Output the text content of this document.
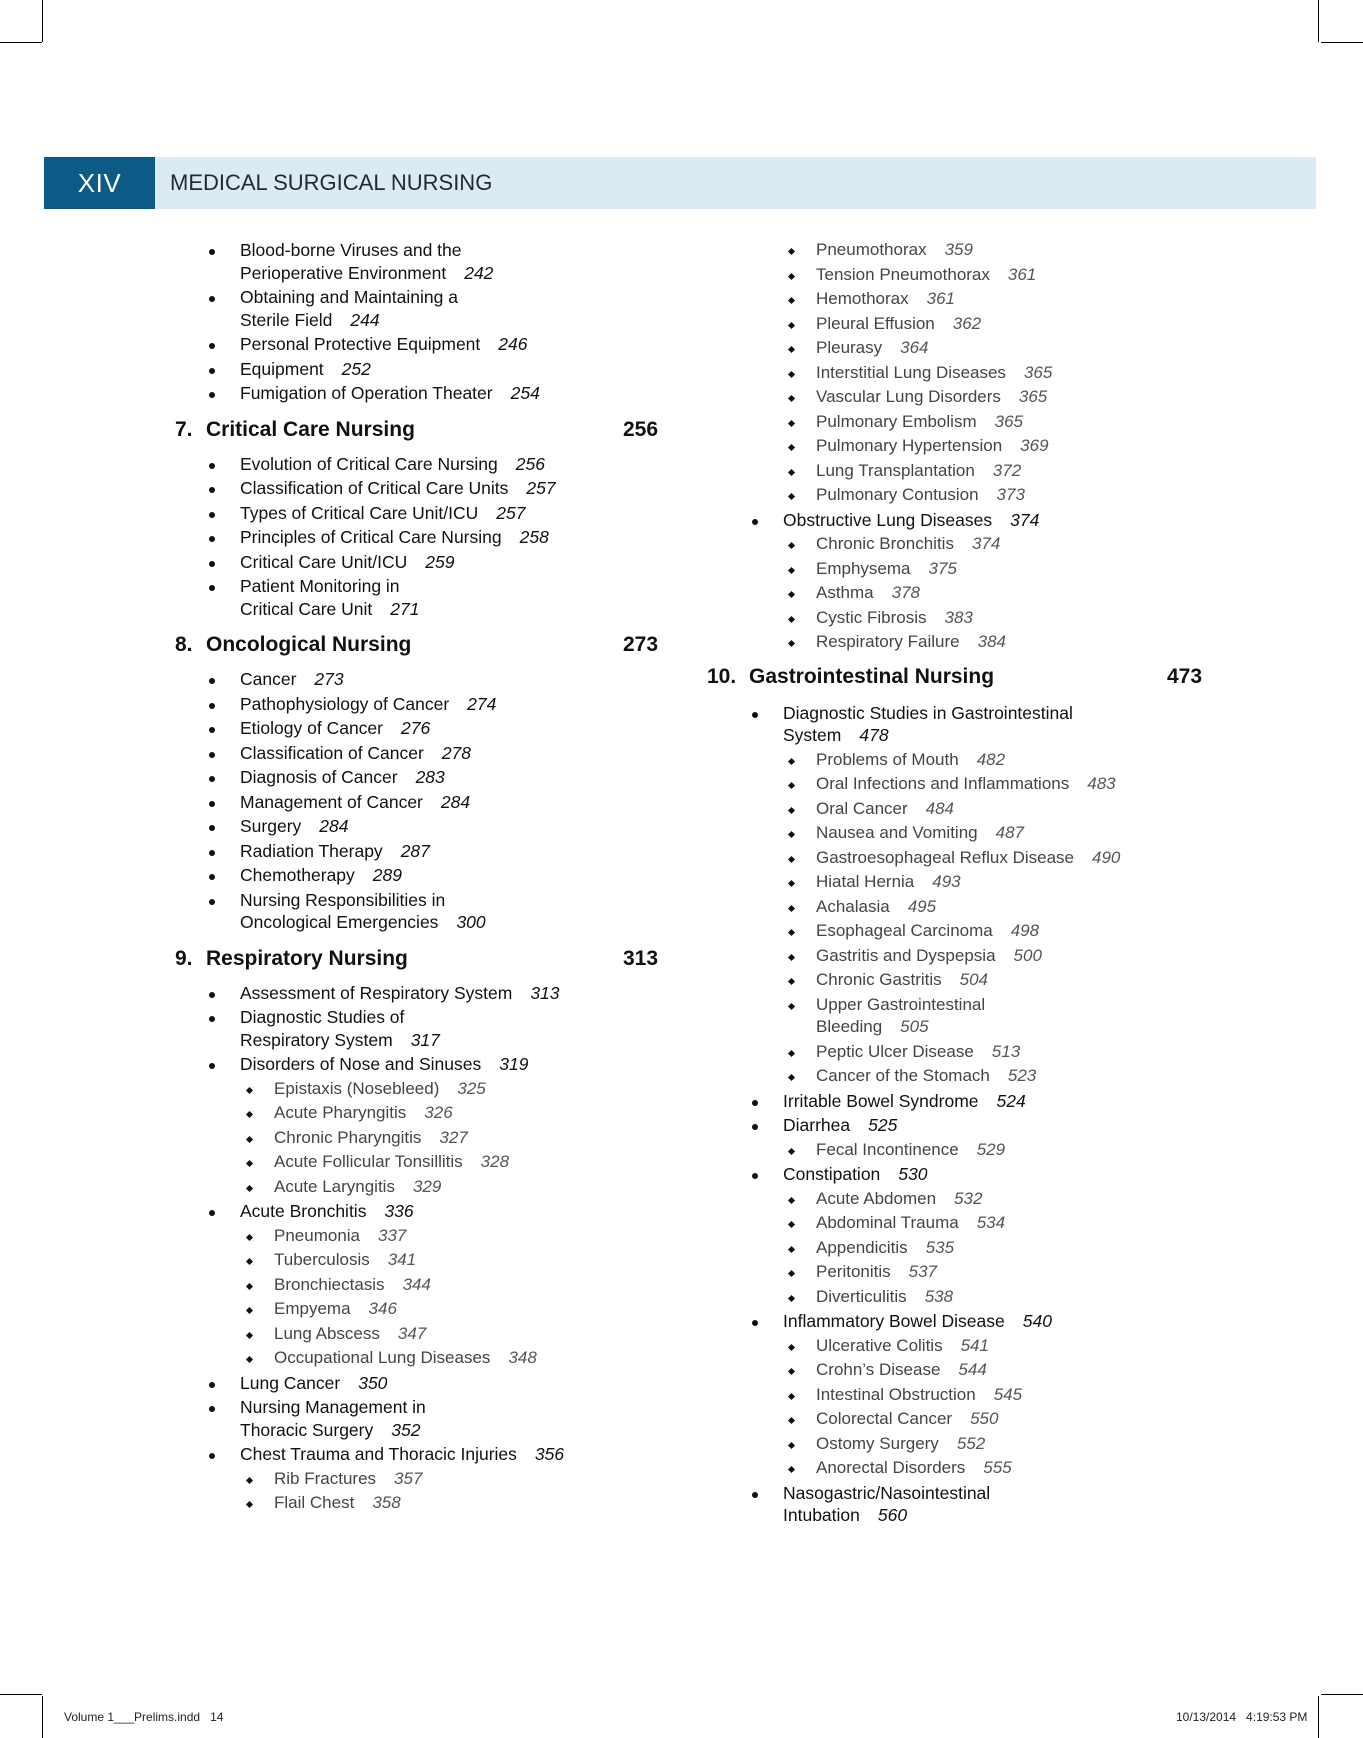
XIV	MEDICAL SURGICAL NURSING
Blood-borne Viruses and the
Perioperative Environment 242
Obtaining and Maintaining a
Sterile Field 244
Personal Protective Equipment 246
Equipment 252
Fumigation of Operation Theater 254
7. Critical Care Nursing	256
Evolution of Critical Care Nursing 256
Classification of Critical Care Units 257
Types of Critical Care Unit/ICU 257
Principles of Critical Care Nursing 258
Critical Care Unit/ICU 259
Patient Monitoring in
Critical Care Unit 271
8. Oncological Nursing	273
Cancer 273
Pathophysiology of Cancer 274
Etiology of Cancer 276
Classification of Cancer 278
Diagnosis of Cancer 283
Management of Cancer 284
Surgery 284
Radiation Therapy 287
Chemotherapy 289
Nursing Responsibilities in
Oncological Emergencies 300
9. Respiratory Nursing	313
Assessment of Respiratory System 313
Diagnostic Studies of
Respiratory System 317
Disorders of Nose and Sinuses 319
Epistaxis (Nosebleed) 325
Acute Pharyngitis 326
Chronic Pharyngitis 327
Acute Follicular Tonsillitis 328
Acute Laryngitis 329
Acute Bronchitis 336
Pneumonia 337
Tuberculosis 341
Bronchiectasis 344
Empyema 346
Lung Abscess 347
Occupational Lung Diseases 348
Lung Cancer 350
Nursing Management in
Thoracic Surgery 352
Chest Trauma and Thoracic Injuries 356
Rib Fractures 357
Flail Chest 358
Pneumothorax 359
Tension Pneumothorax 361
Hemothorax 361
Pleural Effusion 362
Pleurasy 364
Interstitial Lung Diseases 365
Vascular Lung Disorders 365
Pulmonary Embolism 365
Pulmonary Hypertension 369
Lung Transplantation 372
Pulmonary Contusion 373
Obstructive Lung Diseases 374
Chronic Bronchitis 374
Emphysema 375
Asthma 378
Cystic Fibrosis 383
Respiratory Failure 384
10. Gastrointestinal Nursing	473
Diagnostic Studies in Gastrointestinal
System 478
Problems of Mouth 482
Oral Infections and Inflammations 483
Oral Cancer 484
Nausea and Vomiting 487
Gastroesophageal Reflux Disease 490
Hiatal Hernia 493
Achalasia 495
Esophageal Carcinoma 498
Gastritis and Dyspepsia 500
Chronic Gastritis 504
Upper Gastrointestinal
Bleeding 505
Peptic Ulcer Disease 513
Cancer of the Stomach 523
Irritable Bowel Syndrome 524
Diarrhea 525
Fecal Incontinence 529
Constipation 530
Acute Abdomen 532
Abdominal Trauma 534
Appendicitis 535
Peritonitis 537
Diverticulitis 538
Inflammatory Bowel Disease 540
Ulcerative Colitis 541
Crohn’s Disease 544
Intestinal Obstruction 545
Colorectal Cancer 550
Ostomy Surgery 552
Anorectal Disorders 555
Nasogastric/Nasointestinal
Intubation 560
Volume 1___Prelims.indd   14	10/13/2014   4:19:53 PM
